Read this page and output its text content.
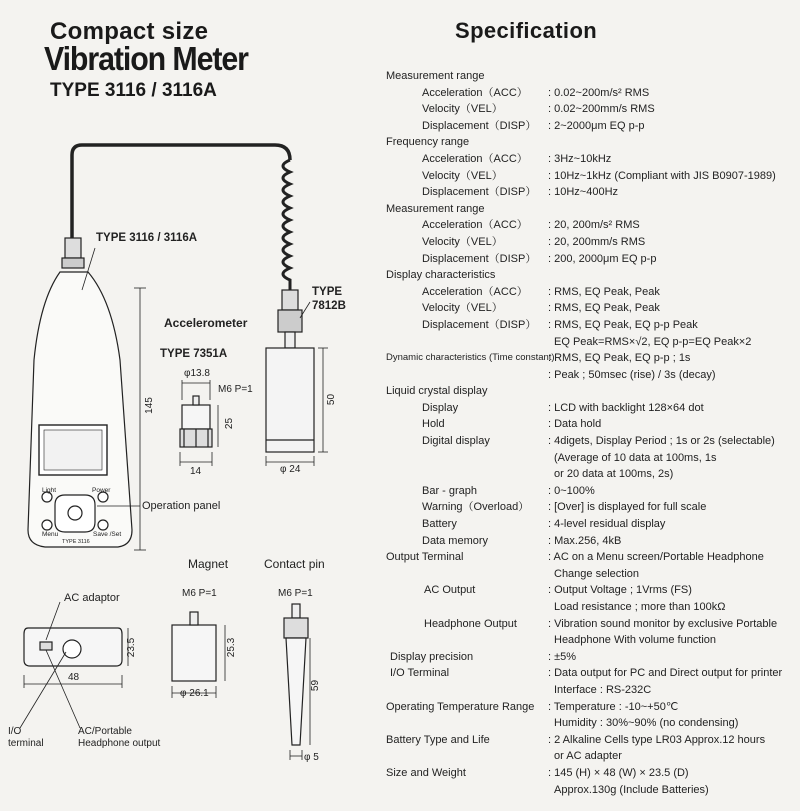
Compact size
Vibration Meter
TYPE 3116 / 3116A
Specification
Light	Power
Menu	Save /Set
TYPE 3116
TYPE 3116 / 3116A
Accelerometer
TYPE 7351A
φ13.8
M6 P=1
25
14
TYPE
7812B
50
φ 24
145
Operation panel
Magnet	Contact pin
M6 P=1	M6 P=1
25.3
φ 26.1
59
φ 5
AC adaptor
23.5
48
I/O
terminal
AC/Portable
Headphone output
Measurement range
Acceleration（ACC） : 0.02~200m/s² RMS
Velocity（VEL）	: 0.02~200mm/s RMS
Displacement（DISP） : 2~2000μm EQ p-p
Frequency range
Acceleration（ACC） : 3Hz~10kHz
Velocity（VEL）	: 10Hz~1kHz (Compliant with JIS B0907-1989)
Displacement（DISP） : 10Hz~400Hz
Measurement range
Acceleration（ACC） : 20, 200m/s² RMS
Velocity（VEL）	: 20, 200mm/s RMS
Displacement（DISP） : 200, 2000μm EQ p-p
Display characteristics
Acceleration（ACC） : RMS, EQ Peak, Peak
Velocity（VEL）	: RMS, EQ Peak, Peak
Displacement（DISP） : RMS, EQ Peak, EQ p-p Peak
EQ Peak=RMS×√2, EQ p-p=EQ Peak×2
Dynamic characteristics (Time constant)
: RMS, EQ Peak, EQ p-p ; 1s
: Peak ; 50msec (rise) / 3s (decay)
Liquid crystal display
Display	: LCD with backlight 128×64 dot
Hold	: Data hold
Digital display	: 4digets, Display Period ; 1s or 2s (selectable)
(Average of 10 data at 100ms, 1s
or 20 data at 100ms, 2s)
Bar - graph	: 0~100%
Warning（Overload） : [Over] is displayed for full scale
Battery	: 4-level residual display
Data memory	: Max.256, 4kB
Output Terminal	: AC on a Menu screen/Portable Headphone
Change selection
AC Output	: Output Voltage ; 1Vrms (FS)
Load resistance ; more than 100kΩ
Headphone Output	: Vibration sound monitor by exclusive Portable
Headphone With volume function
Display precision	: ±5%
I/O Terminal	: Data output for PC and Direct output for printer
Interface : RS-232C
Operating Temperature Range : Temperature : -10~+50℃
Humidity : 30%~90% (no condensing)
Battery Type and Life	: 2 Alkaline Cells type LR03 Approx.12 hours
or AC adapter
Size and Weight	: 145 (H) × 48 (W) × 23.5 (D)
Approx.130g (Include Batteries)
